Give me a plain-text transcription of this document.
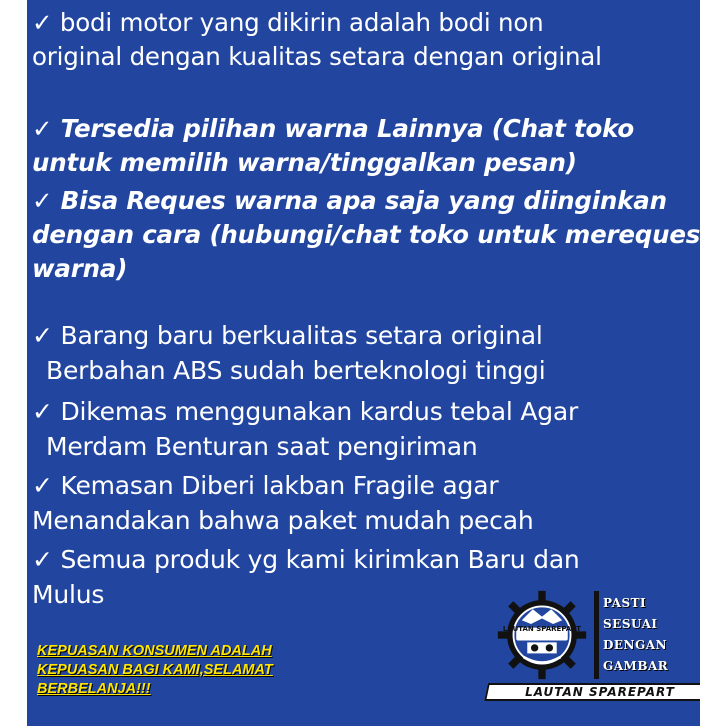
✓ bodi motor yang dikirin adalah bodi non
original dengan kualitas setara dengan original

✓ Tersedia pilihan warna Lainnya (Chat toko
untuk memilih warna/tinggalkan pesan)

✓ Bisa Reques warna apa saja yang diinginkan
dengan cara (hubungi/chat toko untuk mereques
warna)

✓ Barang baru berkualitas setara original
Berbahan ABS sudah berteknologi tinggi

✓ Dikemas menggunakan kardus tebal Agar
Merdam Benturan saat pengiriman

✓ Kemasan Diberi lakban Fragile agar
Menandakan bahwa paket mudah pecah

✓ Semua produk yg kami kirimkan Baru dan
Mulus

KEPUASAN KONSUMEN ADALAH
KEPUASAN BAGI KAMI,SELAMAT
BERBELANJA!!!

LAUTAN SPAREPART

PASTI
SESUAI
DENGAN
GAMBAR

LAUTAN SPAREPART
